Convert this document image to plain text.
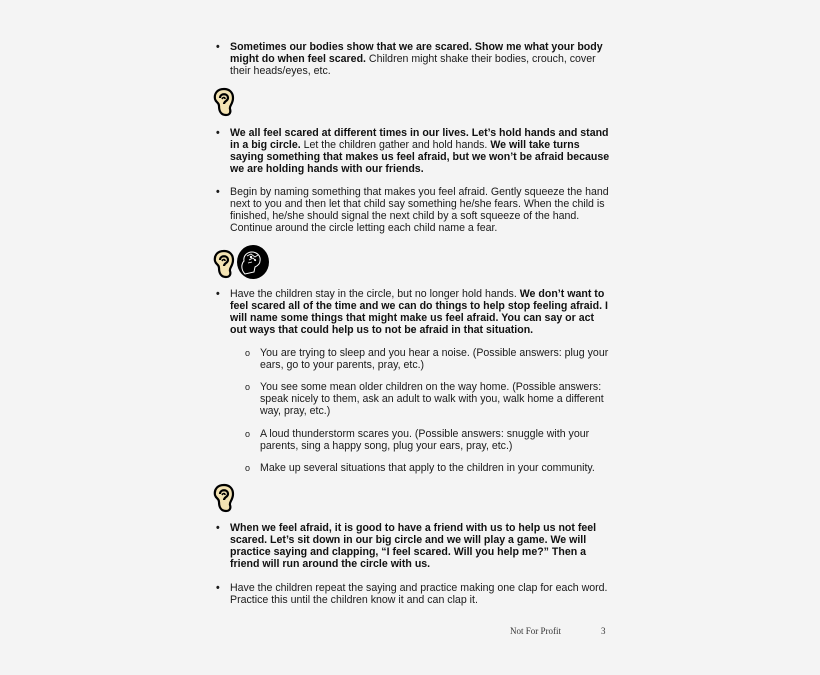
• Sometimes our bodies show that we are scared. Show me what your body might do when feel scared. Children might shake their bodies, crouch, cover their heads/eyes, etc.
• We all feel scared at different times in our lives. Let’s hold hands and stand in a big circle. Let the children gather and hold hands. We will take turns saying something that makes us feel afraid, but we won’t be afraid because we are holding hands with our friends.
• Begin by naming something that makes you feel afraid. Gently squeeze the hand next to you and then let that child say something he/she fears. When the child is finished, he/she should signal the next child by a soft squeeze of the hand. Continue around the circle letting each child name a fear.
• Have the children stay in the circle, but no longer hold hands. We don’t want to feel scared all of the time and we can do things to help stop feeling afraid. I will name some things that might make us feel afraid. You can say or act out ways that could help us to not be afraid in that situation.
o You are trying to sleep and you hear a noise. (Possible answers: plug your ears, go to your parents, pray, etc.)
o You see some mean older children on the way home. (Possible answers: speak nicely to them, ask an adult to walk with you, walk home a different way, pray, etc.)
o A loud thunderstorm scares you. (Possible answers: snuggle with your parents, sing a happy song, plug your ears, pray, etc.)
o Make up several situations that apply to the children in your community.
• When we feel afraid, it is good to have a friend with us to help us not feel scared. Let’s sit down in our big circle and we will play a game. We will practice saying and clapping, “I feel scared. Will you help me?” Then a friend will run around the circle with us.
• Have the children repeat the saying and practice making one clap for each word. Practice this until the children know it and can clap it.
Not For Profit	3
